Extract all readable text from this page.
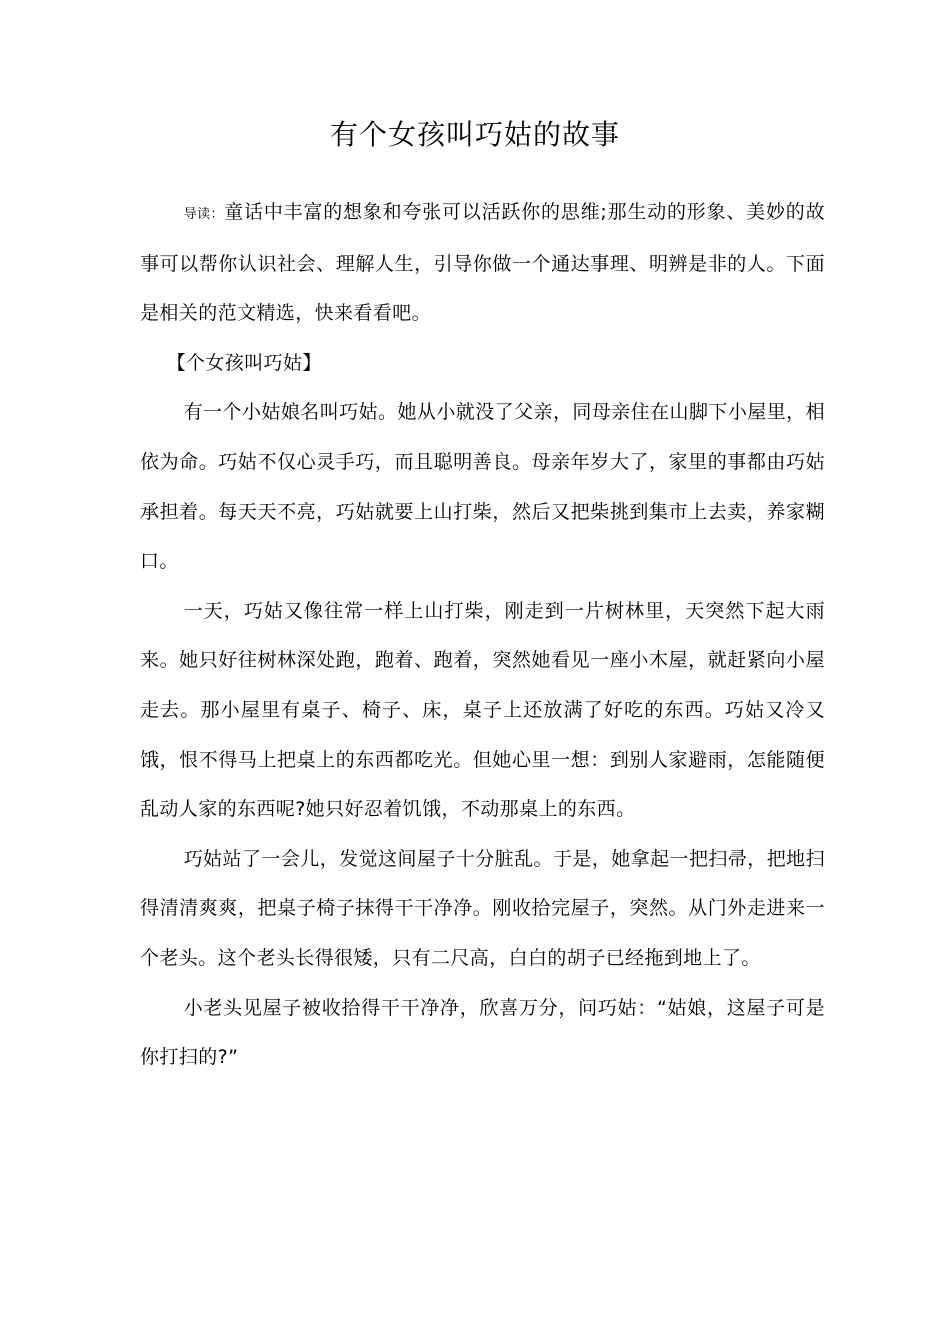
有个女孩叫巧姑的故事

导读：童话中丰富的想象和夸张可以活跃你的思维;那生动的形象、美妙的故事可以帮你认识社会、理解人生，引导你做一个通达事理、明辨是非的人。下面是相关的范文精选，快来看看吧。

【个女孩叫巧姑】

有一个小姑娘名叫巧姑。她从小就没了父亲，同母亲住在山脚下小屋里，相依为命。巧姑不仅心灵手巧，而且聪明善良。母亲年岁大了，家里的事都由巧姑承担着。每天天不亮，巧姑就要上山打柴，然后又把柴挑到集市上去卖，养家糊口。

一天，巧姑又像往常一样上山打柴，刚走到一片树林里，天突然下起大雨来。她只好往树林深处跑，跑着、跑着，突然她看见一座小木屋，就赶紧向小屋走去。那小屋里有桌子、椅子、床，桌子上还放满了好吃的东西。巧姑又冷又饿，恨不得马上把桌上的东西都吃光。但她心里一想：到别人家避雨，怎能随便乱动人家的东西呢?她只好忍着饥饿，不动那桌上的东西。

巧姑站了一会儿，发觉这间屋子十分脏乱。于是，她拿起一把扫帚，把地扫得清清爽爽，把桌子椅子抹得干干净净。刚收拾完屋子，突然。从门外走进来一个老头。这个老头长得很矮，只有二尺高，白白的胡子已经拖到地上了。

小老头见屋子被收拾得干干净净，欣喜万分，问巧姑：“姑娘，这屋子可是你打扫的?”
